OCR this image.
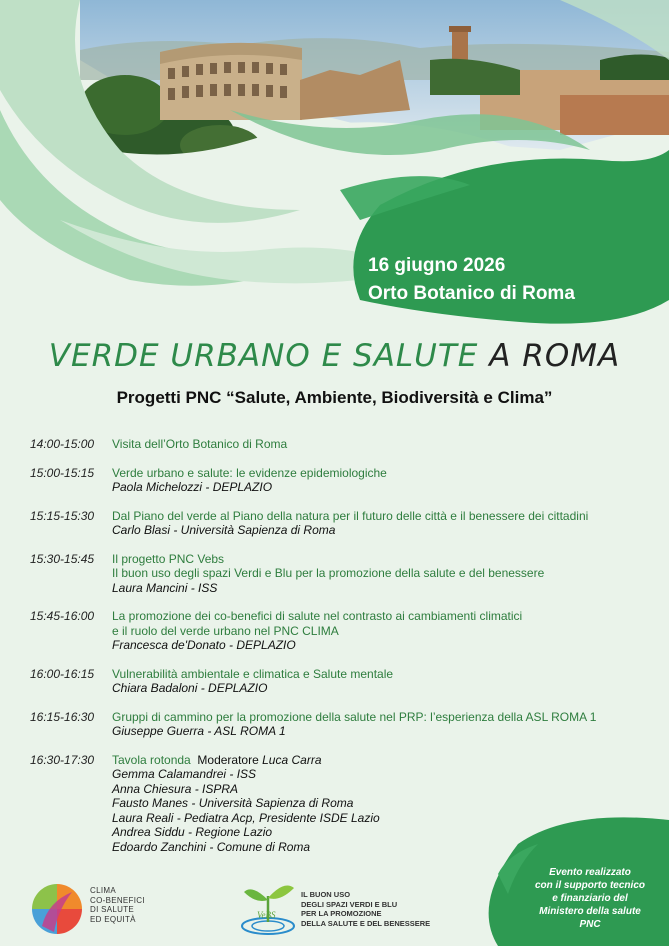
16 giugno 2026
Orto Botanico di Roma
VERDE URBANO E SALUTE A ROMA
Progetti PNC “Salute, Ambiente, Biodiversità e Clima”
14:00-15:00	Visita dell’Orto Botanico di Roma
15:00-15:15	Verde urbano e salute: le evidenze epidemiologiche
Paola Michelozzi - DEPLAZIO
15:15-15:30	Dal Piano del verde al Piano della natura per il futuro delle città e il benessere dei cittadini
Carlo Blasi - Università Sapienza di Roma
15:30-15:45	Il progetto PNC Vebs
Il buon uso degli spazi Verdi e Blu per la promozione della salute e del benessere
Laura Mancini - ISS
15:45-16:00	La promozione dei co-benefici di salute nel contrasto ai cambiamenti climatici
e il ruolo del verde urbano nel PNC CLIMA
Francesca de'Donato - DEPLAZIO
16:00-16:15	Vulnerabilità ambientale e climatica e Salute mentale
Chiara Badaloni - DEPLAZIO
16:15-16:30	Gruppi di cammino per la promozione della salute nel PRP: l’esperienza della ASL ROMA 1
Giuseppe Guerra - ASL ROMA 1
16:30-17:30	Tavola rotonda Moderatore Luca Carra
Gemma Calamandrei - ISS
Anna Chiesura - ISPRA
Fausto Manes - Università Sapienza di Roma
Laura Reali - Pediatra Acp, Presidente ISDE Lazio
Andrea Siddu - Regione Lazio
Edoardo Zanchini - Comune di Roma
CLIMA
CO-BENEFICI
DI SALUTE
ED EQUITÀ	VeBS
IL BUON USO
DEGLI SPAZI VERDI E BLU
PER LA PROMOZIONE
DELLA SALUTE E DEL BENESSERE
Evento realizzato
con il supporto tecnico
e finanziario del
Ministero della salute
PNC
